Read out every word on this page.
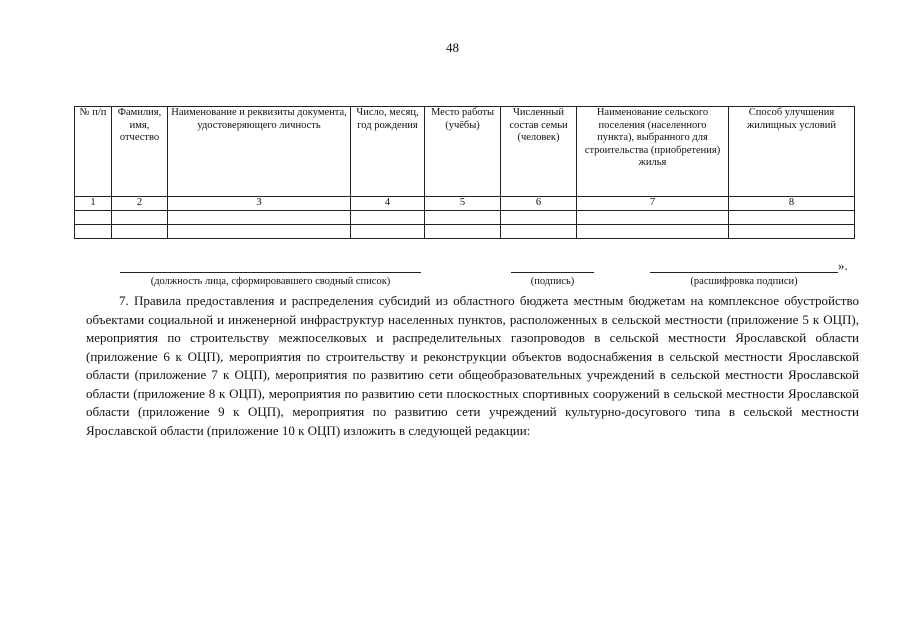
48
№ п/п	Фамилия, имя, отчество	Наименование и реквизиты документа, удостоверяющего личность	Число, месяц, год рождения	Место работы (учёбы)	Численный состав семьи (человек)	Наименование сельского поселения (населенного пункта), выбранного для строительства (приобретения) жилья	Способ улучшения жилищных условий
1	2	3	4	5	6	7	8

(должность лица, сформировавшего сводный список)	(подпись)	(расшифровка подписи)
».

7. Правила предоставления и распределения субсидий из областного бюджета местным бюджетам на комплексное обустройство объектами социальной и инженерной инфраструктур населенных пунктов, расположенных в сельской местности (приложение 5 к ОЦП), мероприятия по строительству межпоселковых и распределительных газопроводов в сельской местности Ярославской области (приложение 6 к ОЦП), мероприятия по строительству и реконструкции объектов водоснабжения в сельской местности Ярославской области (приложение 7 к ОЦП), мероприятия по развитию сети общеобразовательных учреждений в сельской местности Ярославской области (приложение 8 к ОЦП), мероприятия по развитию сети плоскостных спортивных сооружений в сельской местности Ярославской области (приложение 9 к ОЦП), мероприятия по развитию сети учреждений культурно-досугового типа в сельской местности Ярославской области (приложение 10 к ОЦП) изложить в следующей редакции:
